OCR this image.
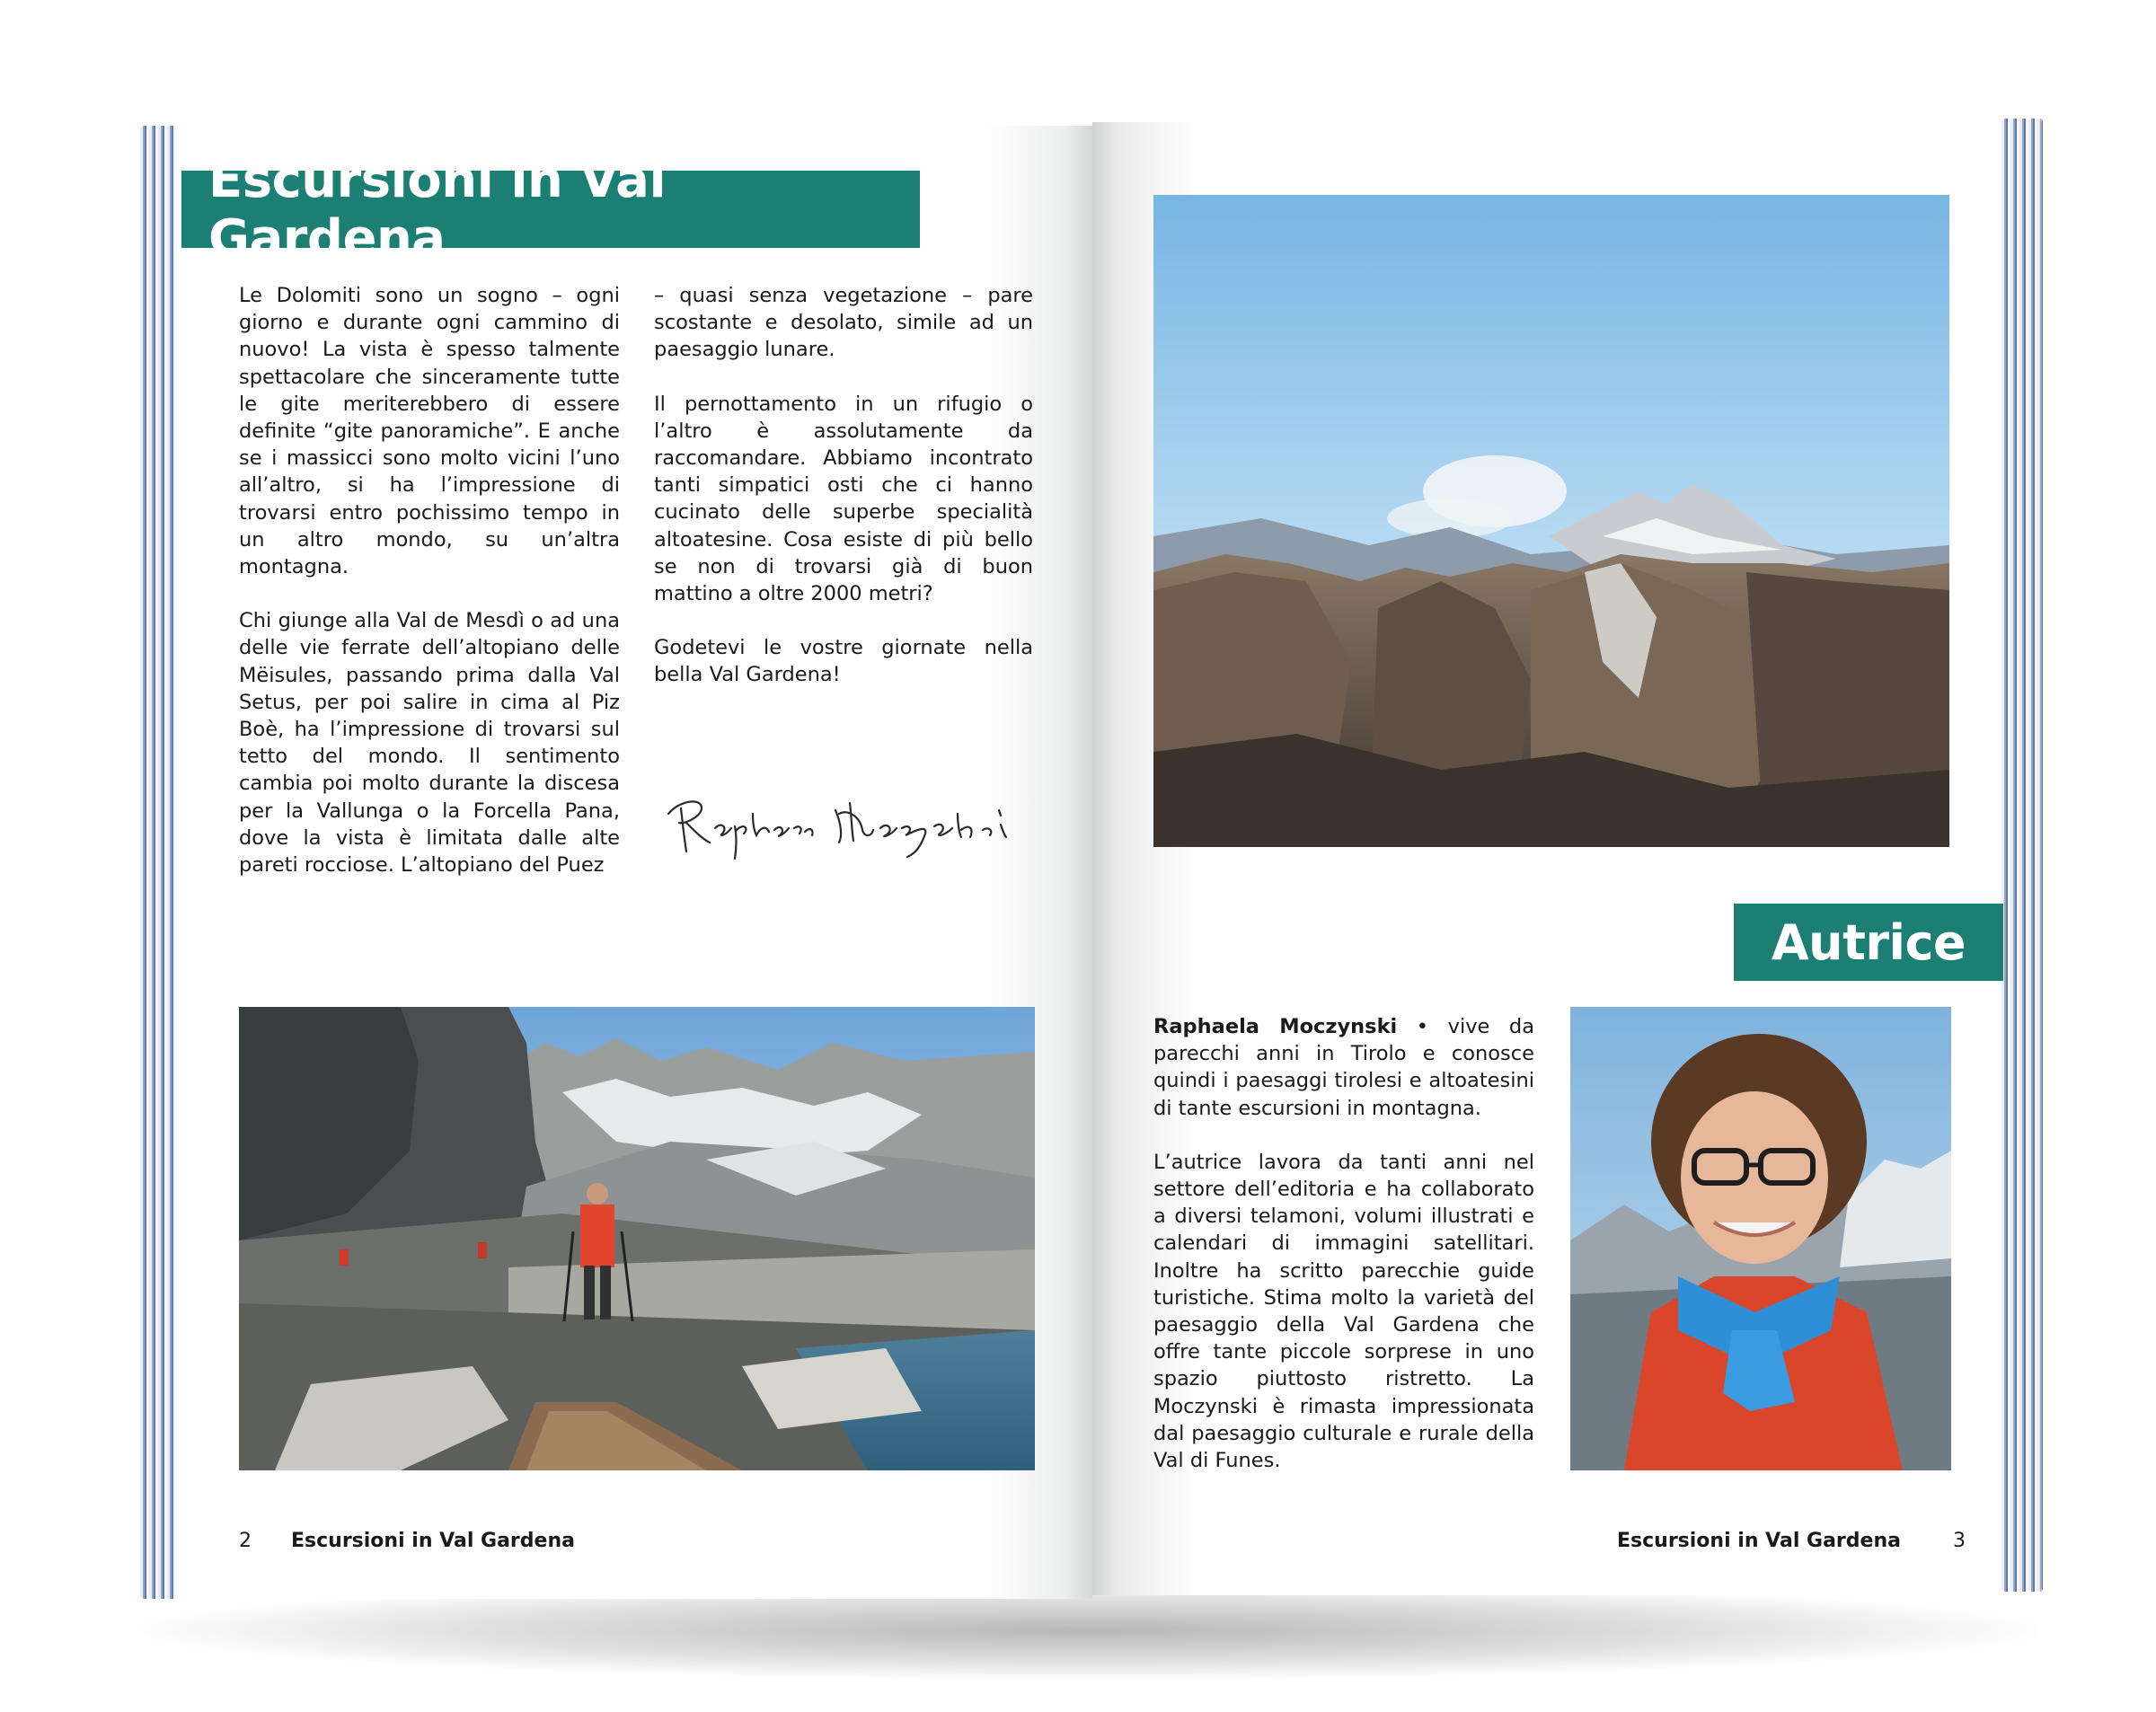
Escursioni in Val Gardena

Le Dolomiti sono un sogno – ogni giorno e durante ogni cammino di nuovo! La vista è spesso talmente spettacolare che sinceramente tutte le gite meriterebbero di essere definite “gite panoramiche”. E anche se i massicci sono molto vicini l’uno all’altro, si ha l’impressione di trovarsi entro pochissimo tempo in un altro mondo, su un’altra montagna.

Chi giunge alla Val de Mesdì o ad una delle vie ferrate dell’altopiano delle Mëisules, passando prima dalla Val Setus, per poi salire in cima al Piz Boè, ha l’impressione di trovarsi sul tetto del mondo. Il sentimento cambia poi molto durante la discesa per la Vallunga o la Forcella Pana, dove la vista è limitata dalle alte pareti rocciose. L’altopiano del Puez

– quasi senza vegetazione – pare scostante e desolato, simile ad un paesaggio lunare.

Il pernottamento in un rifugio o l’altro è assolutamente da raccomandare. Abbiamo incontrato tanti simpatici osti che ci hanno cucinato delle superbe specialità altoatesine. Cosa esiste di più bello se non di trovarsi già di buon mattino a oltre 2000 metri?

Godetevi le vostre giornate nella bella Val Gardena!

2 Escursioni in Val Gardena
Autrice

Raphaela Moczynski • vive da parecchi anni in Tirolo e conosce quindi i paesaggi tirolesi e altoatesini di tante escursioni in montagna.

L’autrice lavora da tanti anni nel settore dell’editoria e ha collaborato a diversi telamoni, volumi illustrati e calendari di immagini satellitari. Inoltre ha scritto parecchie guide turistiche. Stima molto la varietà del paesaggio della Val Gardena che offre tante piccole sorprese in uno spazio piuttosto ristretto. La Moczynski è rimasta impressionata dal paesaggio culturale e rurale della Val di Funes.

Escursioni in Val Gardena	3
